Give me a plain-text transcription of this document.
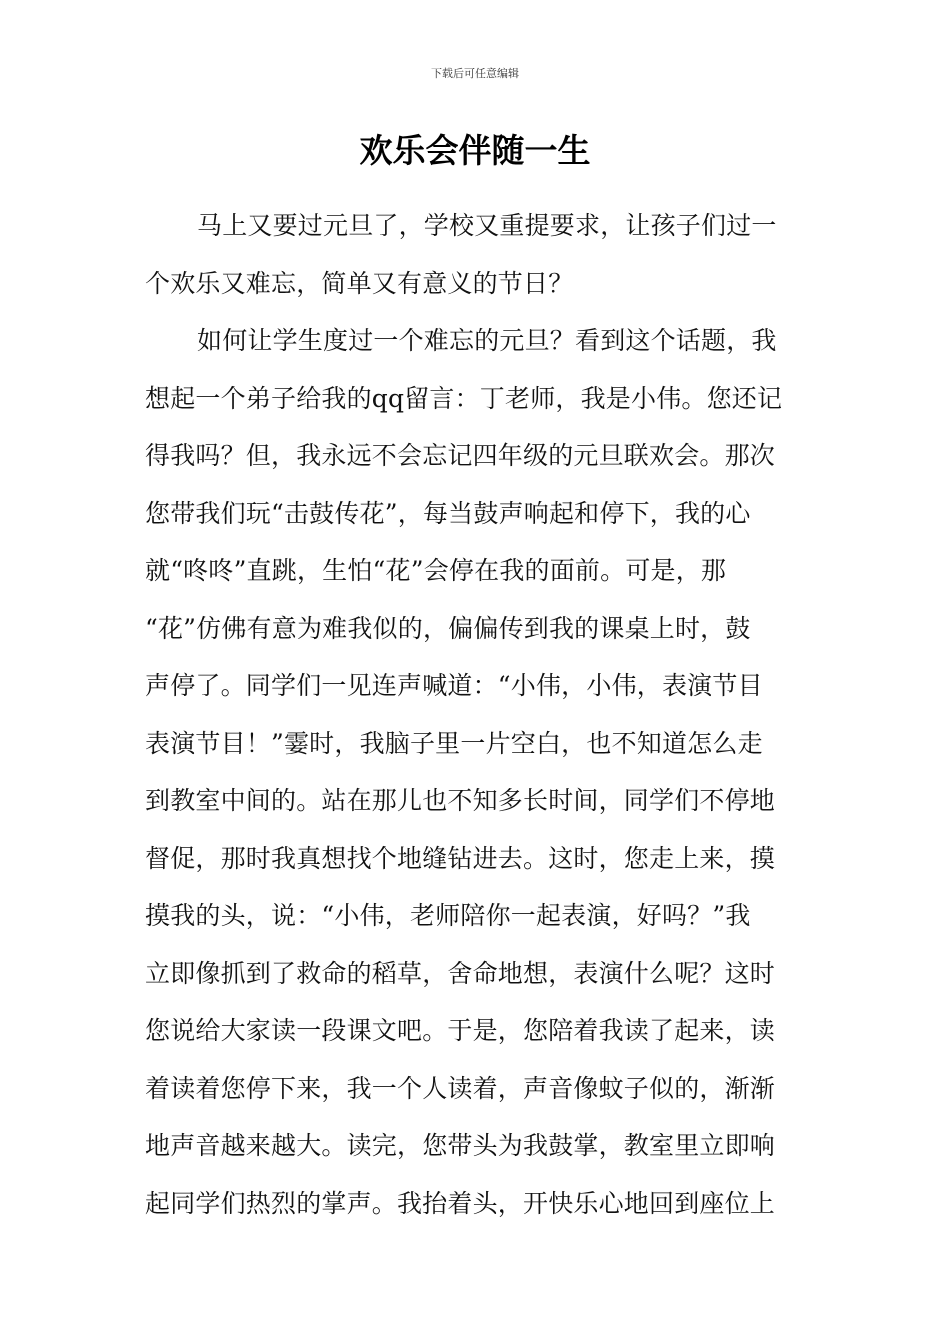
下载后可任意编辑
欢乐会伴随一生
马上又要过元旦了，学校又重提要求，让孩子们过一
个欢乐又难忘，简单又有意义的节日？
如何让学生度过一个难忘的元旦？看到这个话题，我
想起一个弟子给我的qq留言：丁老师，我是小伟。您还记
得我吗？但，我永远不会忘记四年级的元旦联欢会。那次
您带我们玩“击鼓传花”，每当鼓声响起和停下，我的心
就“咚咚”直跳，生怕“花”会停在我的面前。可是，那
“花”仿佛有意为难我似的，偏偏传到我的课桌上时，鼓
声停了。同学们一见连声喊道：“小伟，小伟，表演节目
表演节目！”霎时，我脑子里一片空白，也不知道怎么走
到教室中间的。站在那儿也不知多长时间，同学们不停地
督促，那时我真想找个地缝钻进去。这时，您走上来，摸
摸我的头，说：“小伟，老师陪你一起表演，好吗？”我
立即像抓到了救命的稻草，舍命地想，表演什么呢？这时
您说给大家读一段课文吧。于是，您陪着我读了起来，读
着读着您停下来，我一个人读着，声音像蚊子似的，渐渐
地声音越来越大。读完，您带头为我鼓掌，教室里立即响
起同学们热烈的掌声。我抬着头，开快乐心地回到座位上
